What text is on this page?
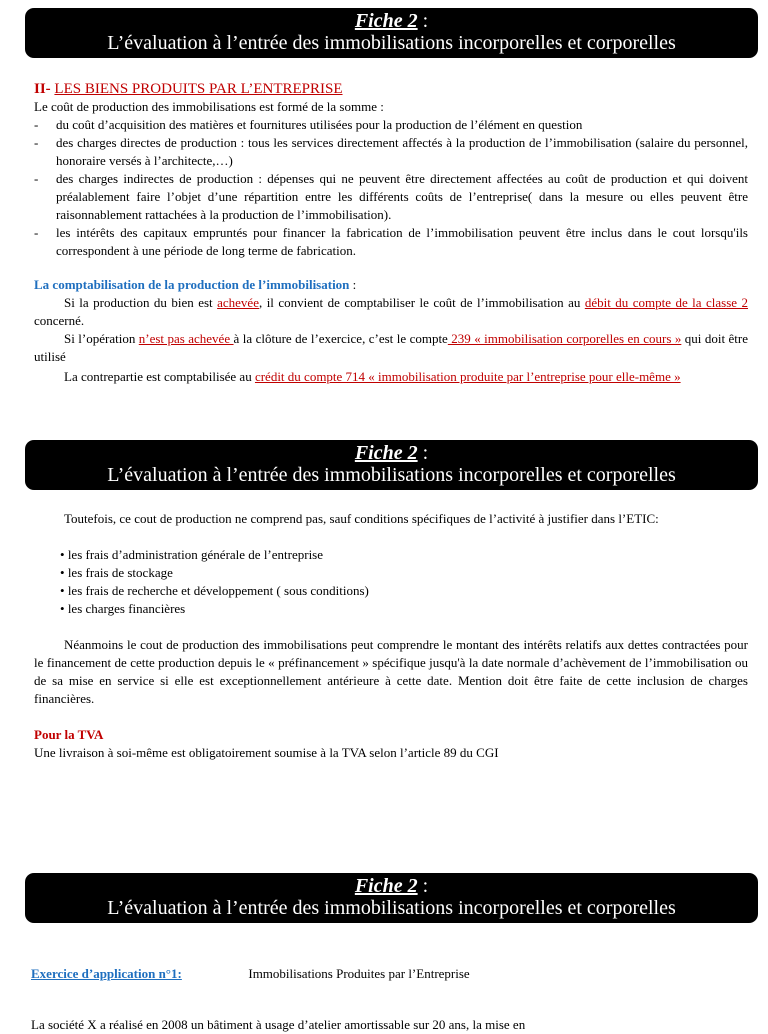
Fiche 2 :
L’évaluation à l’entrée des immobilisations incorporelles et corporelles
II- LES BIENS PRODUITS PAR L’ENTREPRISE
Le coût de production des immobilisations est formé de la somme :
- du coût d’acquisition des matières et fournitures utilisées pour la production de l’élément en question
- des charges directes de production : tous les services directement affectés à la production de l’immobilisation (salaire du personnel, honoraire versés à l’architecte,…)
- des charges indirectes de production : dépenses qui ne peuvent être directement affectées au coût de production et qui doivent préalablement faire l’objet d’une répartition entre les différents coûts de l’entreprise( dans la mesure ou elles peuvent être raisonnablement rattachées à la production de l’immobilisation).
- les intérêts des capitaux empruntés pour financer la fabrication de l’immobilisation peuvent être inclus dans le cout lorsqu'ils correspondent à une période de long terme de fabrication.
La comptabilisation de la production de l’immobilisation :
Si la production du bien est achevée, il convient de comptabiliser le coût de l’immobilisation au débit du compte de la classe 2 concerné.
Si l’opération n’est pas achevée à la clôture de l’exercice, c’est le compte 239 « immobilisation corporelles en cours » qui doit être utilisé
La contrepartie est comptabilisée au crédit du compte 714 « immobilisation produite par l’entreprise pour elle-même »
Fiche 2 :
L’évaluation à l’entrée des immobilisations incorporelles et corporelles
Toutefois, ce cout de production ne comprend pas, sauf conditions spécifiques de l’activité à justifier dans l’ETIC:
• les frais d’administration générale de l’entreprise
• les frais de stockage
• les frais de recherche et développement ( sous conditions)
• les charges financières
Néanmoins le cout de production des immobilisations peut comprendre le montant des intérêts relatifs aux dettes contractées pour le financement de cette production depuis le « préfinancement » spécifique jusqu'à la date normale d’achèvement de l’immobilisation ou de sa mise en service si elle est exceptionnellement antérieure à cette date. Mention doit être faite de cette inclusion de charges financières.
Pour la TVA
Une livraison à soi-même est obligatoirement soumise à la TVA selon l’article 89 du CGI
Fiche 2 :
L’évaluation à l’entrée des immobilisations incorporelles et corporelles
Exercice d’application n°1:	Immobilisations Produites par l’Entreprise
La société X a réalisé en 2008 un bâtiment à usage d’atelier amortissable sur 20 ans, la mise en
